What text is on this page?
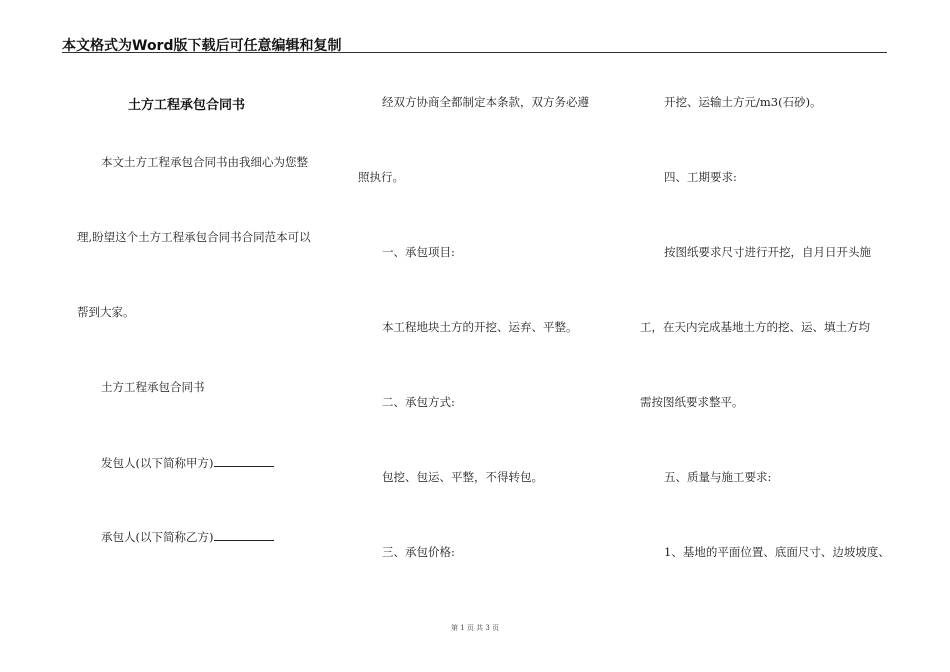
本文格式为Word版下载后可任意编辑和复制
土方工程承包合同书
本文土方工程承包合同书由我细心为您整
理,盼望这个土方工程承包合同书合同范本可以
帮到大家。
土方工程承包合同书
发包人(以下简称甲方)
承包人(以下简称乙方)
经双方协商全都制定本条款，双方务必遵
照执行。
一、承包项目:
本工程地块土方的开挖、运弃、平整。
二、承包方式:
包挖、包运、平整，不得转包。
三、承包价格:
开挖、运输土方元/m3(石砂)。
四、工期要求:
按图纸要求尺寸进行开挖，自月日开头施
工，在天内完成基地土方的挖、运、填土方均
需按图纸要求整平。
五、质量与施工要求:
1、基地的平面位置、底面尺寸、边坡坡度、
第 1 页 共 3 页
